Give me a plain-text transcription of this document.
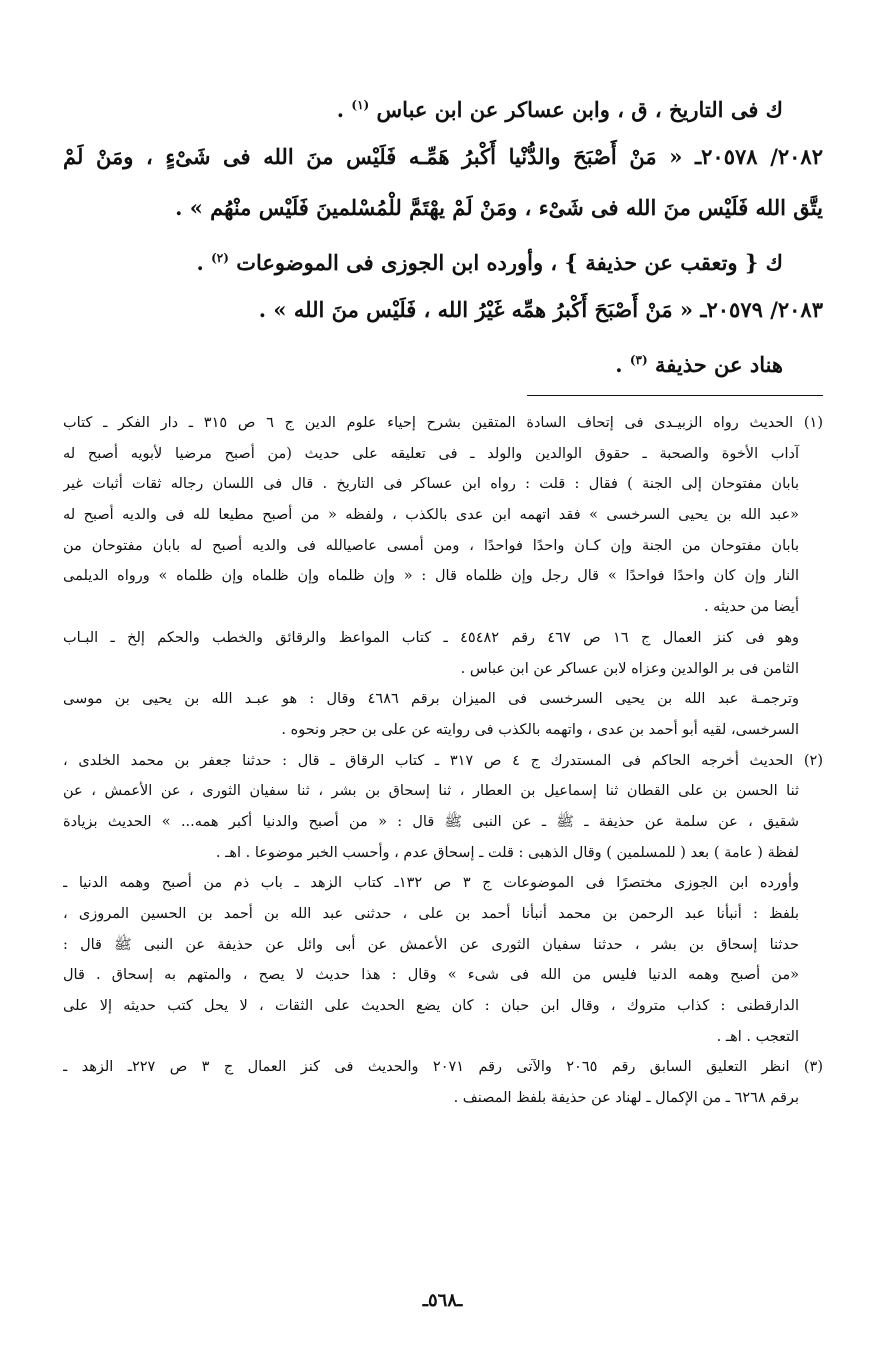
ك فى التاريخ ، ق ، وابن عساكر عن ابن عباس $^{(١)}$ .
٢٠٨٢/ ٢٠٥٧٨ـ « مَنْ أَصْبَحَ والدُّنْيا أَكْبرُ هَمِّـه فَلَيْس منَ الله فى شَىْءٍ ، ومَنْ لَمْ
يتَّق الله فَلَيْس منَ الله فى شَىْء ، ومَنْ لَمْ يهْتَمَّ للْمُسْلمينَ فَلَيْس منْهُم » .
ك { وتعقب عن حذيفة } ، وأورده ابن الجوزى فى الموضوعات $^{(٢)}$ .
٢٠٨٣/ ٢٠٥٧٩ـ « مَنْ أَصْبَحَ أَكْبرُ همِّه غَيْرُ الله ، فَلَيْس منَ الله » .
هناد عن حذيفة $^{(٣)}$ .
(١) الحديث رواه الزبيـدى فى إتحاف السادة المتقين بشرح إحياء علوم الدين ج ٦ ص ٣١٥ ـ دار الفكر ـ كتاب
آداب الأخوة والصحبة ـ حقوق الوالدين والولد ـ فى تعليقه على حديث (من أصبح مرضيا لأبويه أصبح له
بابان مفتوحان إلى الجنة ) فقال : قلت : رواه ابن عساكر فى التاريخ . قال فى اللسان رجاله ثقات أثبات غير
«عبد الله بن يحيى السرخسى » فقد اتهمه ابن عدى بالكذب ، ولفظه « من أصبح مطيعا لله فى والديه أصبح له
بابان مفتوحان من الجنة وإن كـان واحدًا فواحدًا ، ومن أمسى عاصيالله فى والديه أصبح له بابان مفتوحان من
النار وإن كان واحدًا فواحدًا » قال رجل وإن ظلماه قال : « وإن ظلماه وإن ظلماه وإن ظلماه » ورواه الديلمى
أيضا من حديثه .
وهو فى كنز العمال ج ١٦ ص ٤٦٧ رقم ٤٥٤٨٢ ـ كتاب المواعظ والرقائق والخطب والحكم إلخ ـ البـاب
الثامن فى بر الوالدين وعزاه لابن عساكر عن ابن عباس .
وترجمـة عبد الله بن يحيى السرخسى فى الميزان برقم ٤٦٨٦ وقال : هو عبـد الله بن يحيى بن موسى
السرخسى، لقيه أبو أحمد بن عدى ، واتهمه بالكذب فى روايته عن على بن حجر ونحوه .
(٢) الحديث أخرجه الحاكم فى المستدرك ج ٤ ص ٣١٧ ـ كتاب الرقاق ـ قال : حدثنا جعفر بن محمد الخلدى ،
ثنا الحسن بن على القطان ثنا إسماعيل بن العطار ، ثنا إسحاق بن بشر ، ثنا سفيان الثورى ، عن الأعمش ، عن
شقيق ، عن سلمة عن حذيفة ـ ﷺ ـ عن النبى ﷺ قال : « من أصبح والدنيا أكبر همه... » الحديث بزيادة
لفظة ( عامة ) بعد ( للمسلمين ) وقال الذهبى : قلت ـ إسحاق عدم ، وأحسب الخبر موضوعا . اهـ .
وأورده ابن الجوزى مختصرًا فى الموضوعات ج ٣ ص ١٣٢ـ كتاب الزهد ـ باب ذم من أصبح وهمه الدنيا ـ
بلفظ : أنبأنا عبد الرحمن بن محمد أنبأنا أحمد بن على ، حدثنى عبد الله بن أحمد بن الحسين المروزى ،
حدثنا إسحاق بن بشر ، حدثنا سفيان الثورى عن الأعمش عن أبى وائل عن حذيفة عن النبى ﷺ قال :
«من أصبح وهمه الدنيا فليس من الله فى شىء » وقال : هذا حديث لا يصح ، والمتهم به إسحاق . قال
الدارقطنى : كذاب متروك ، وقال ابن حبان : كان يضع الحديث على الثقات ، لا يحل كتب حديثه إلا على
التعجب . اهـ .
(٣) انظر التعليق السابق رقم ٢٠٦٥ والآتى رقم ٢٠٧١ والحديث فى كنز العمال ج ٣ ص ٢٢٧ـ الزهد ـ
برقم ٦٢٦٨ ـ من الإكمال ـ لهناد عن حذيفة بلفظ المصنف .
ـ٥٦٨ـ
